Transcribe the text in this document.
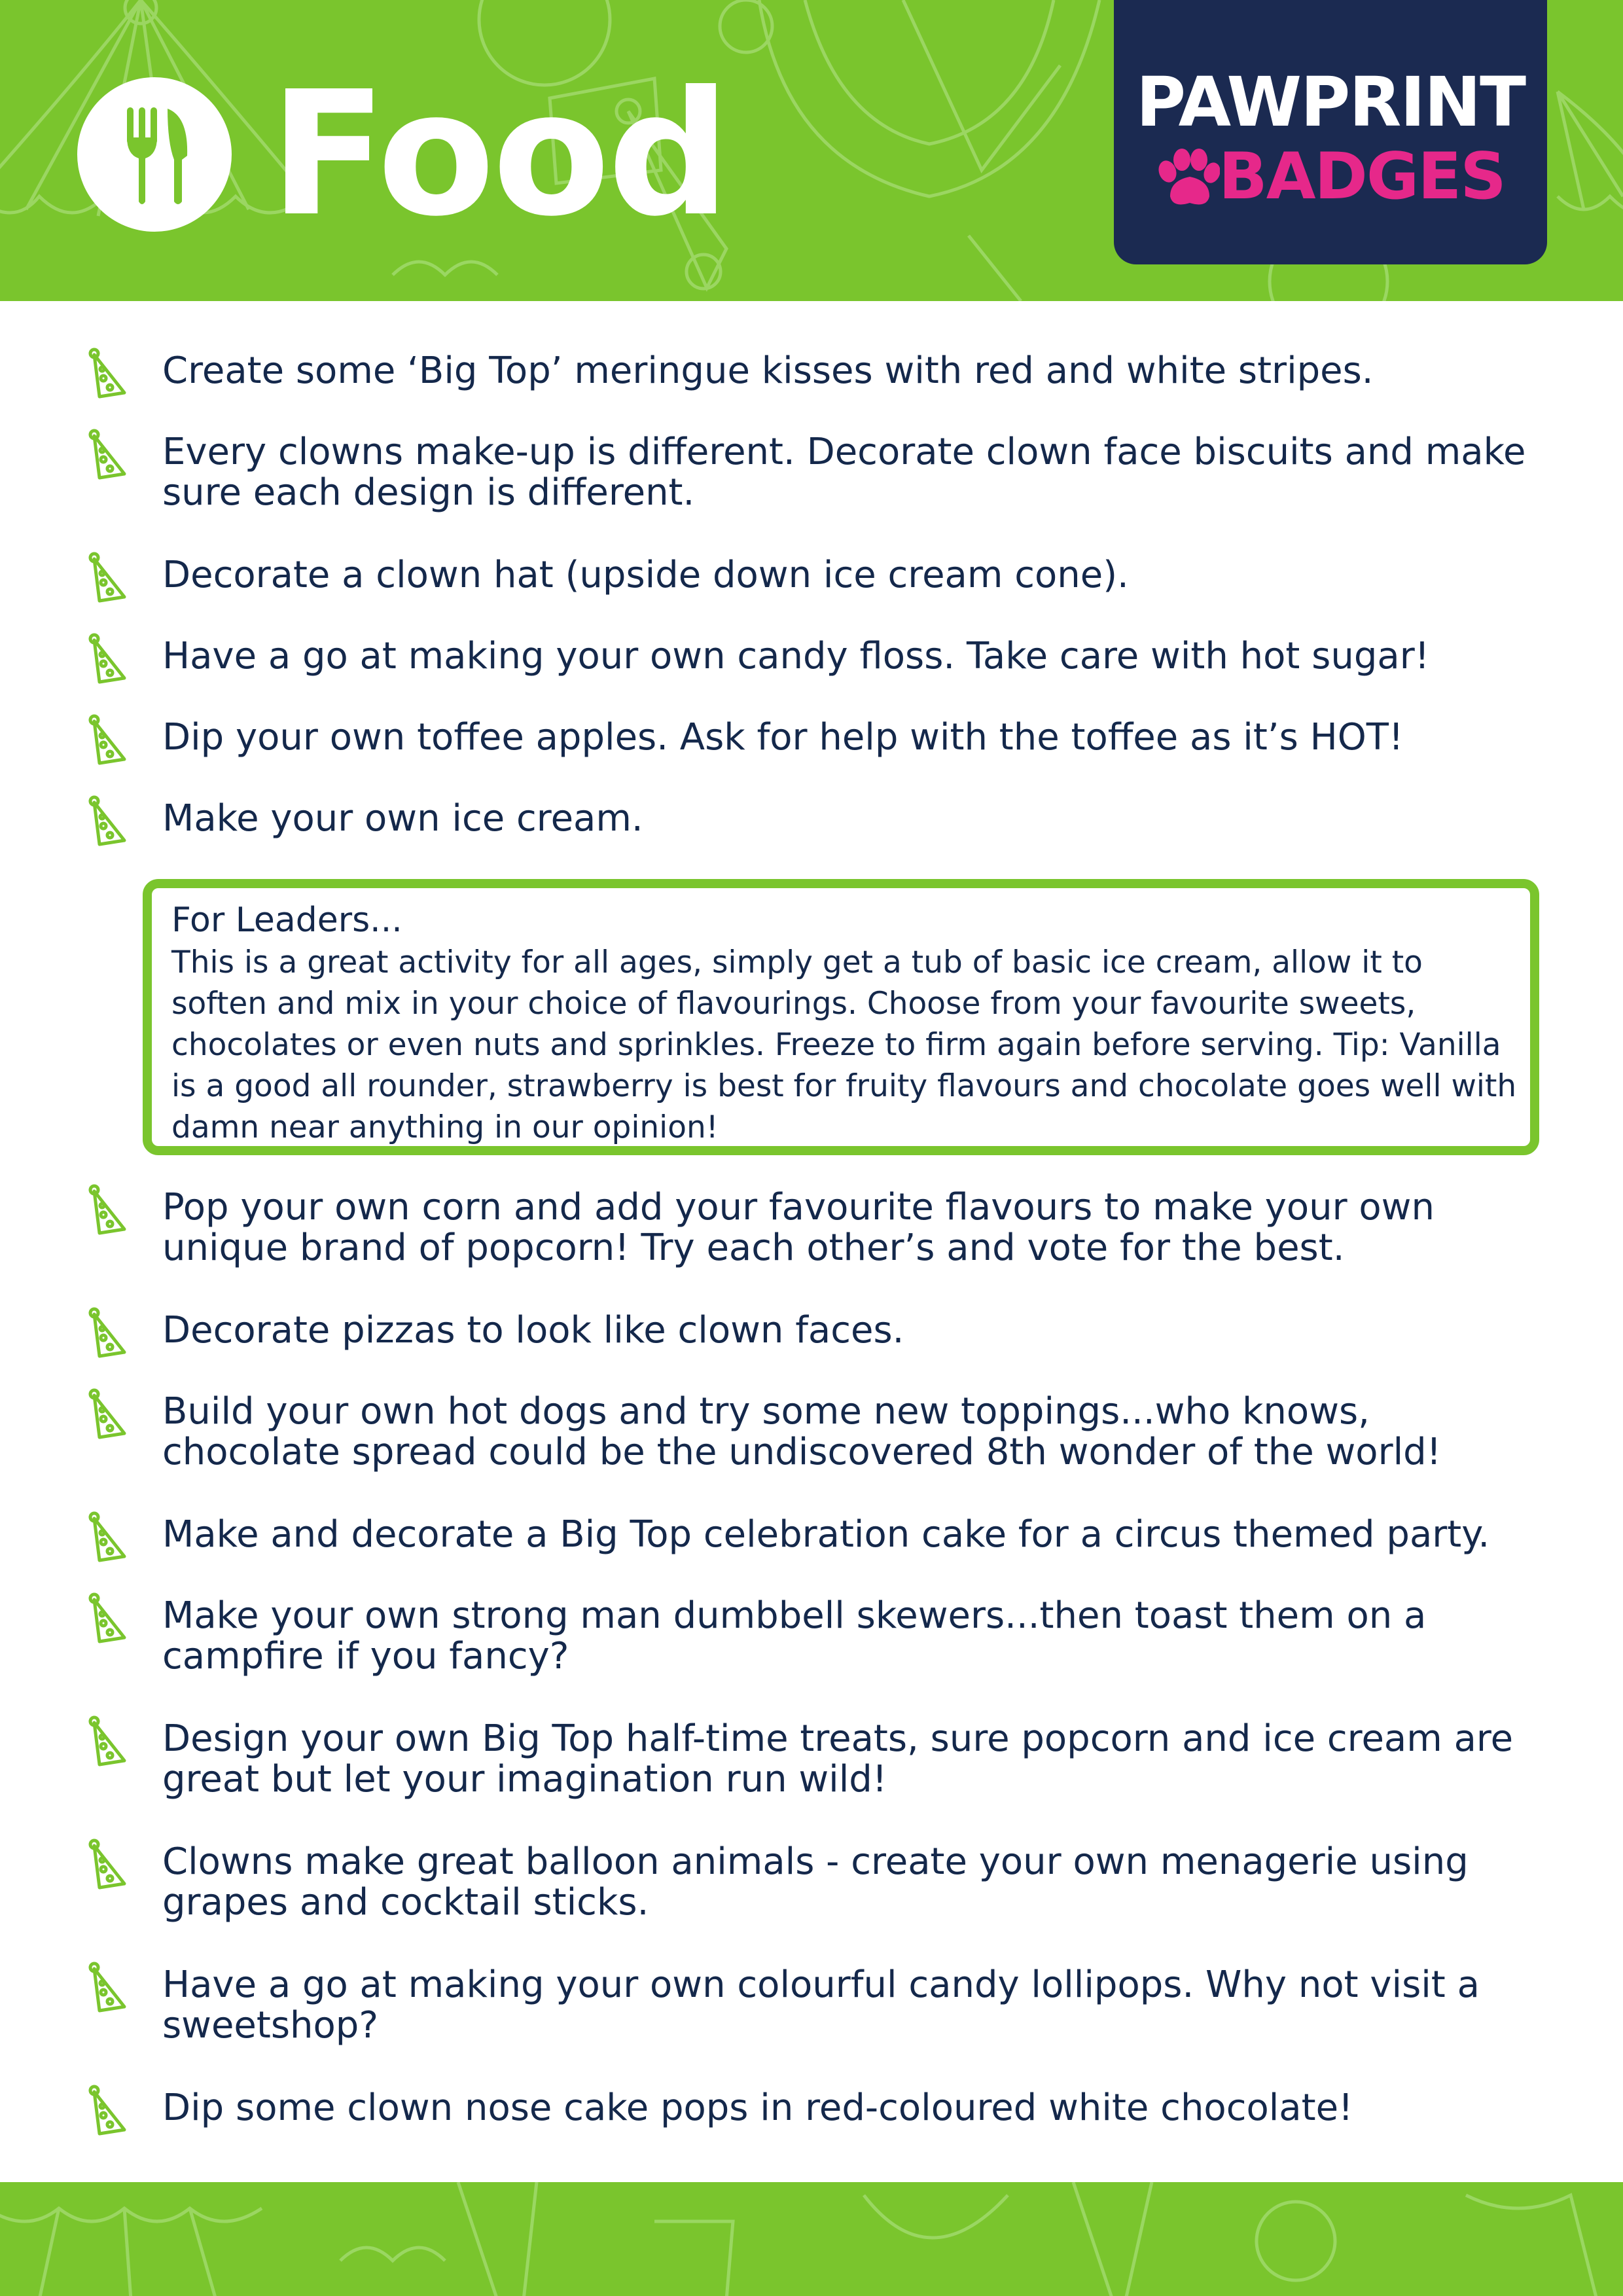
Food	PAWPRINT
BADGES
Create some ‘Big Top’ meringue kisses with red and white stripes.
Every clowns make-up is different. Decorate clown face biscuits and make sure each design is different.
Decorate a clown hat (upside down ice cream cone).
Have a go at making your own candy floss. Take care with hot sugar!
Dip your own toffee apples. Ask for help with the toffee as it’s HOT!
Make your own ice cream.
For Leaders...
This is a great activity for all ages, simply get a tub of basic ice cream, allow it to soften and mix in your choice of flavourings. Choose from your favourite sweets, chocolates or even nuts and sprinkles. Freeze to firm again before serving. Tip: Vanilla is a good all rounder, strawberry is best for fruity flavours and chocolate goes well with damn near anything in our opinion!
Pop your own corn and add your favourite flavours to make your own unique brand of popcorn! Try each other’s and vote for the best.
Decorate pizzas to look like clown faces.
Build your own hot dogs and try some new toppings...who knows, chocolate spread could be the undiscovered 8th wonder of the world!
Make and decorate a Big Top celebration cake for a circus themed party.
Make your own strong man dumbbell skewers...then toast them on a campfire if you fancy?
Design your own Big Top half-time treats, sure popcorn and ice cream are great but let your imagination run wild!
Clowns make great balloon animals - create your own menagerie using grapes and cocktail sticks.
Have a go at making your own colourful candy lollipops. Why not visit a sweetshop?
Dip some clown nose cake pops in red-coloured white chocolate!
